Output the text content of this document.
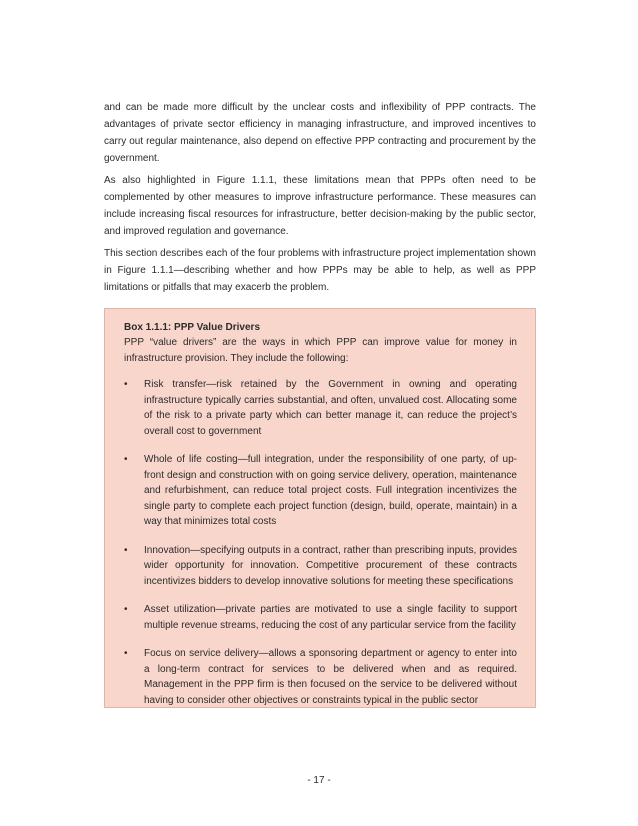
and can be made more difficult by the unclear costs and inflexibility of PPP contracts. The advantages of private sector efficiency in managing infrastructure, and improved incentives to carry out regular maintenance, also depend on effective PPP contracting and procurement by the government.

As also highlighted in Figure 1.1.1, these limitations mean that PPPs often need to be complemented by other measures to improve infrastructure performance. These measures can include increasing fiscal resources for infrastructure, better decision-making by the public sector, and improved regulation and governance.

This section describes each of the four problems with infrastructure project implementation shown in Figure 1.1.1—describing whether and how PPPs may be able to help, as well as PPP limitations or pitfalls that may exacerb the problem.

Box 1.1.1: PPP Value Drivers

PPP “value drivers” are the ways in which PPP can improve value for money in infrastructure provision. They include the following:

• Risk transfer—risk retained by the Government in owning and operating infrastructure typically carries substantial, and often, unvalued cost. Allocating some of the risk to a private party which can better manage it, can reduce the project’s overall cost to government
• Whole of life costing—full integration, under the responsibility of one party, of up-front design and construction with on going service delivery, operation, maintenance and refurbishment, can reduce total project costs. Full integration incentivizes the single party to complete each project function (design, build, operate, maintain) in a way that minimizes total costs
• Innovation—specifying outputs in a contract, rather than prescribing inputs, provides wider opportunity for innovation. Competitive procurement of these contracts incentivizes bidders to develop innovative solutions for meeting these specifications
• Asset utilization—private parties are motivated to use a single facility to support multiple revenue streams, reducing the cost of any particular service from the facility
• Focus on service delivery—allows a sponsoring department or agency to enter into a long-term contract for services to be delivered when and as required. Management in the PPP firm is then focused on the service to be delivered without having to consider other objectives or constraints typical in the public sector
- 17 -
